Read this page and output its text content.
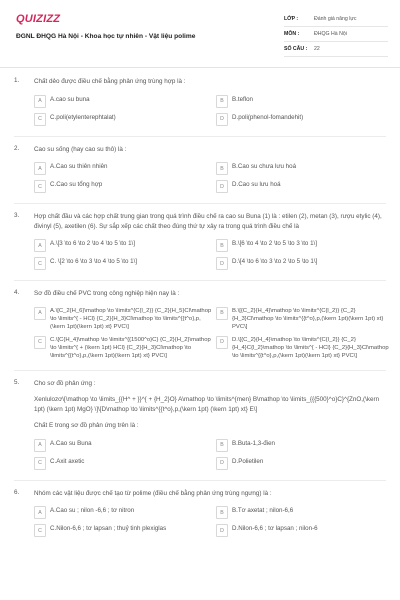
QUIZIZZ
ĐGNL ĐHQG Hà Nội - Khoa học tự nhiên - Vật liệu polime
LỚP :	Đánh giá năng lực
MÔN :	ĐHQG Hà Nội
SỐ CÂU :	22
1. Chất dẻo được điều chế bằng phản ứng trùng hợp là :
A	A.cao su buna	B	B.teflon
C	C.poli(etylenterephtalat)	D	D.poli(phenol-fomandehit)
2. Cao su sống (hay cao su thô) là :
A	A.Cao su thiên nhiên	B	B.Cao su chưa lưu hoá
C	C.Cao su tổng hợp	D	D.Cao su lưu hoá
3. Hợp chất đầu và các hợp chất trung gian trong quá trình điều chế ra cao su Buna (1) là : etilen (2), metan (3), rượu etylic (4), đivinyl (5), axetilen (6). Sự sắp xếp các chất theo đúng thứ tự xảy ra trong quá trình điều chế là
A	A.\[3 \to 6 \to 2 \to 4 \to 5 \to 1\]	B	B.\[6 \to 4 \to 2 \to 5 \to 3 \to 1\]
C	C. \[2 \to 6 \to 3 \to 4 \to 5 \to 1\]	D	D.\[4 \to 6 \to 3 \to 2 \to 5 \to 1\]
4. Sơ đồ điều chế PVC trong công nghiệp hiện nay là :
A	A.\[C_2{H_6}\mathop \to \limits^{C{l_2}} {C_2}{H_5}Cl\mathop \to \limits^{ - HCl} {C_2}{H_3}Cl\mathop \to \limits^{{t^o},p,(\kern 1pt)(\kern 1pt) xt} PVC\]
B	B.\[{C_2}{H_4}\mathop \to \limits^{C{l_2}} {C_2}{H_3}Cl\mathop \to \limits^{{t^o},p,(\kern 1pt)(\kern 1pt) xt} PVC\]
C	C.\[C{H_4}\mathop \to \limits^{{1500^o}C} {C_2}{H_2}\mathop \to \limits^{ + (\kern 1pt) HCl} {C_2}{H_3}Cl\mathop \to \limits^{{t^o},p,(\kern 1pt)(\kern 1pt) xt} PVC\]
D	D.\[{C_2}{H_4}\mathop \to \limits^{C{l_2}} {C_2}{H_4}C{l_2}\mathop \to \limits^{ - HCl} {C_2}{H_3}Cl\mathop \to \limits^{{t^o},p,(\kern 1pt)(\kern 1pt) xt} PVC\]
5. Cho sơ đồ phản ứng :
Xenlulozơ\[\mathop \to \limits_{{H^ + }}^{ + {H_2}O} A\mathop \to \limits^{men} B\mathop \to \limits_{{{500}^o}C}^{ZnO,(\kern 1pt) (\kern 1pt) MgO} \]\[D\mathop \to \limits^{{t^o},p,(\kern 1pt) (\kern 1pt) xt} E\]
Chất E trong sơ đồ phản ứng trên là :
A	A.Cao su Buna	B	B.Buta-1,3-đien
C	C.Axit axetic	D	D.Polietilen
6. Nhóm các vật liệu được chế tạo từ polime (điều chế bằng phản ứng trùng ngưng) là :
A	A.Cao su ; nilon -6,6 ; tơ nitron	B	B.Tơ axetat ; nilon-6,6
C	C.Nilon-6,6 ; tơ lapsan ; thuỷ tinh plexiglas	D	D.Nilon-6,6 ; tơ lapsan ; nilon-6
